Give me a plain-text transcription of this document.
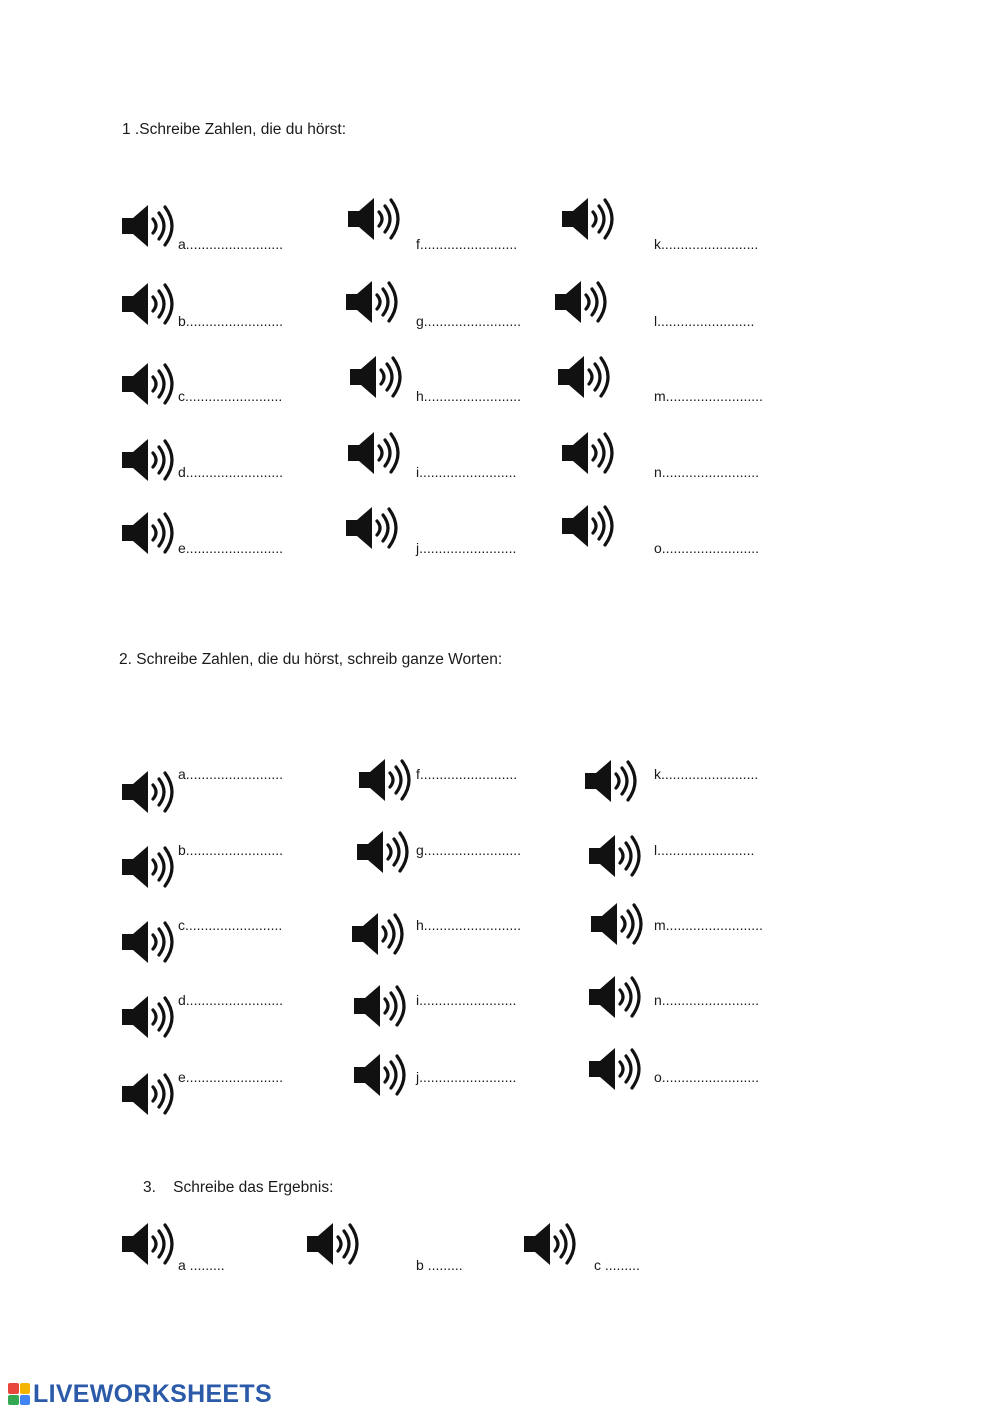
1 .Schreibe Zahlen, die du hörst:
a.........................
b.........................
c.........................
d.........................
e.........................
f.........................
g.........................
h.........................
i.........................
j.........................
k.........................
l.........................
m.........................
n.........................
o.........................
2. Schreibe Zahlen, die du hörst, schreib ganze Worten:
a.........................
b.........................
c.........................
d.........................
e.........................
f.........................
g.........................
h.........................
i.........................
j.........................
k.........................
l.........................
m.........................
n.........................
o.........................
3.    Schreibe das Ergebnis:
a .........	b .........	c .........
LIVEWORKSHEETS
